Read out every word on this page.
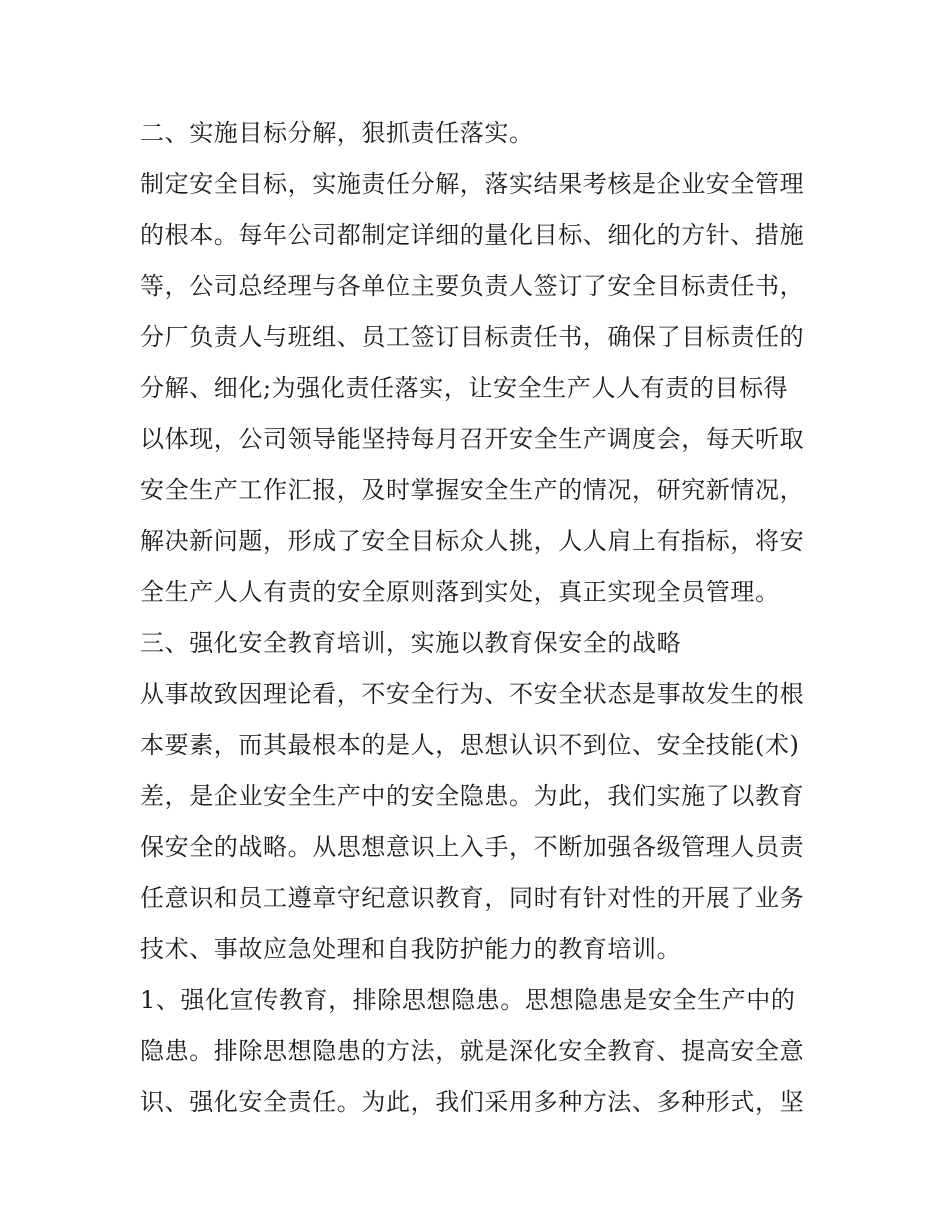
二、实施目标分解，狠抓责任落实。
制定安全目标，实施责任分解，落实结果考核是企业安全管理
的根本。每年公司都制定详细的量化目标、细化的方针、措施
等，公司总经理与各单位主要负责人签订了安全目标责任书，
分厂负责人与班组、员工签订目标责任书，确保了目标责任的
分解、细化;为强化责任落实，让安全生产人人有责的目标得
以体现，公司领导能坚持每月召开安全生产调度会，每天听取
安全生产工作汇报，及时掌握安全生产的情况，研究新情况，
解决新问题，形成了安全目标众人挑，人人肩上有指标，将安
全生产人人有责的安全原则落到实处，真正实现全员管理。
三、强化安全教育培训，实施以教育保安全的战略
从事故致因理论看，不安全行为、不安全状态是事故发生的根
本要素，而其最根本的是人，思想认识不到位、安全技能(术)
差，是企业安全生产中的安全隐患。为此，我们实施了以教育
保安全的战略。从思想意识上入手，不断加强各级管理人员责
任意识和员工遵章守纪意识教育，同时有针对性的开展了业务
技术、事故应急处理和自我防护能力的教育培训。
1、强化宣传教育，排除思想隐患。思想隐患是安全生产中的
隐患。排除思想隐患的方法，就是深化安全教育、提高安全意
识、强化安全责任。为此，我们采用多种方法、多种形式，坚
